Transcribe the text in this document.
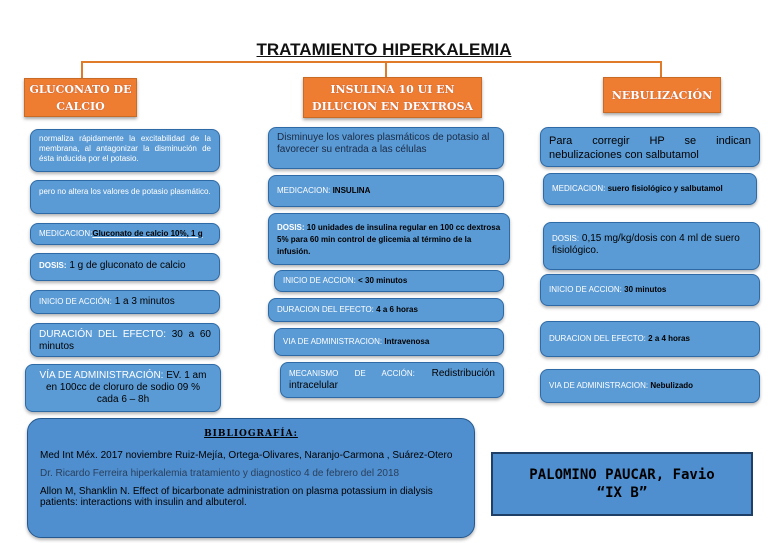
TRATAMIENTO HIPERKALEMIA
GLUCONATO DE
CALCIO
INSULINA 10 UI EN
DILUCION EN DEXTROSA
NEBULIZACIÓN
normaliza rápidamente la excitabilidad de la membrana, al antagonizar la disminución de ésta inducida por el potasio.
pero no altera los valores de potasio plasmático.
MEDICACION: Gluconato de calcio 10%, 1 g
DOSIS:
1 g de gluconato de calcio
INICIO DE ACCIÓN:
1 a 3 minutos
DURACIÓN DEL EFECTO: 30 a 60 minutos
VÍA DE ADMINISTRACIÓN: EV. 1 am en 100cc de cloruro de sodio 09 % cada 6 – 8h
Disminuye los valores plasmáticos de potasio al favorecer su entrada a las células
MEDICACION:
INSULINA
DOSIS: 10 unidades de insulina regular en 100 cc dextrosa 5% para 60 min control de glicemia al término de la infusión.
INICIO DE ACCION:
< 30 minutos
DURACION DEL EFECTO:
4 a 6 horas
VIA DE ADMINISTRACION:
Intravenosa
MECANISMO DE ACCIÓN: Redistribución intracelular
Para corregir HP se indican nebulizaciones con salbutamol
MEDICACION:
suero fisiológico y salbutamol
DOSIS: 0,15 mg/kg/dosis con 4 ml de suero fisiológico.
INICIO DE ACCION:
30 minutos
DURACION DEL EFECTO:
2 a 4 horas
VIA DE ADMINISTRACION:
Nebulizado
BIBLIOGRAFÍA:
Med Int Méx. 2017 noviembre Ruiz-Mejía, Ortega-Olivares, Naranjo-Carmona , Suárez-Otero
Dr. Ricardo Ferreira hiperkalemia tratamiento y diagnostico 4 de febrero del 2018
Allon M, Shanklin N. Effect of bicarbonate administration on plasma potassium in dialysis patients: interactions with insulin and albuterol.
PALOMINO PAUCAR, Favio
“IX B”
